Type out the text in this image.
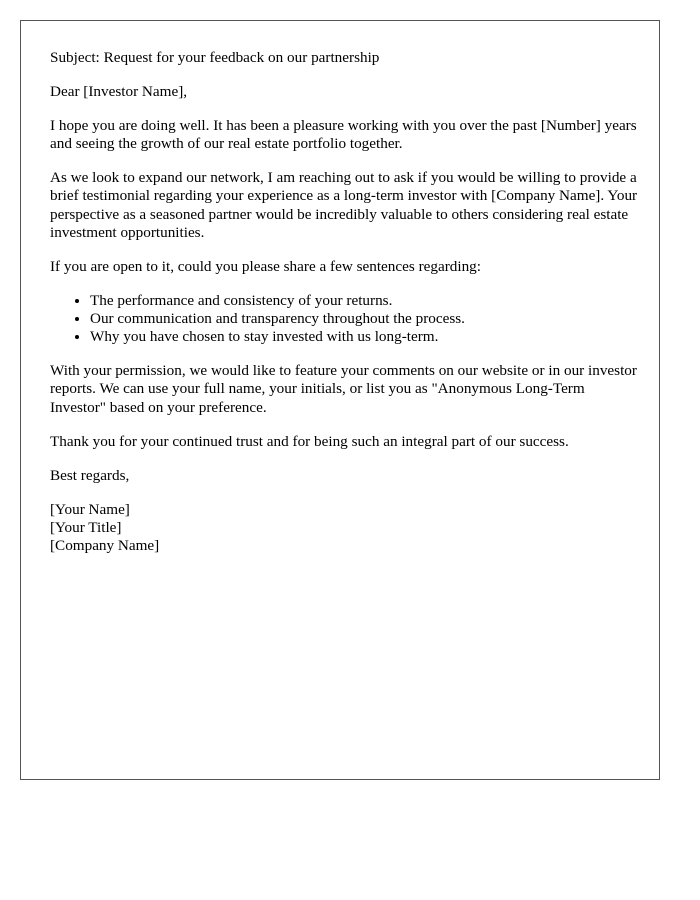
Subject: Request for your feedback on our partnership

Dear [Investor Name],

I hope you are doing well. It has been a pleasure working with you over the past [Number] years and seeing the growth of our real estate portfolio together.

As we look to expand our network, I am reaching out to ask if you would be willing to provide a brief testimonial regarding your experience as a long-term investor with [Company Name]. Your perspective as a seasoned partner would be incredibly valuable to others considering real estate investment opportunities.

If you are open to it, could you please share a few sentences regarding:

• The performance and consistency of your returns.
• Our communication and transparency throughout the process.
• Why you have chosen to stay invested with us long-term.

With your permission, we would like to feature your comments on our website or in our investor reports. We can use your full name, your initials, or list you as "Anonymous Long-Term Investor" based on your preference.

Thank you for your continued trust and for being such an integral part of our success.

Best regards,

[Your Name]
[Your Title]
[Company Name]
